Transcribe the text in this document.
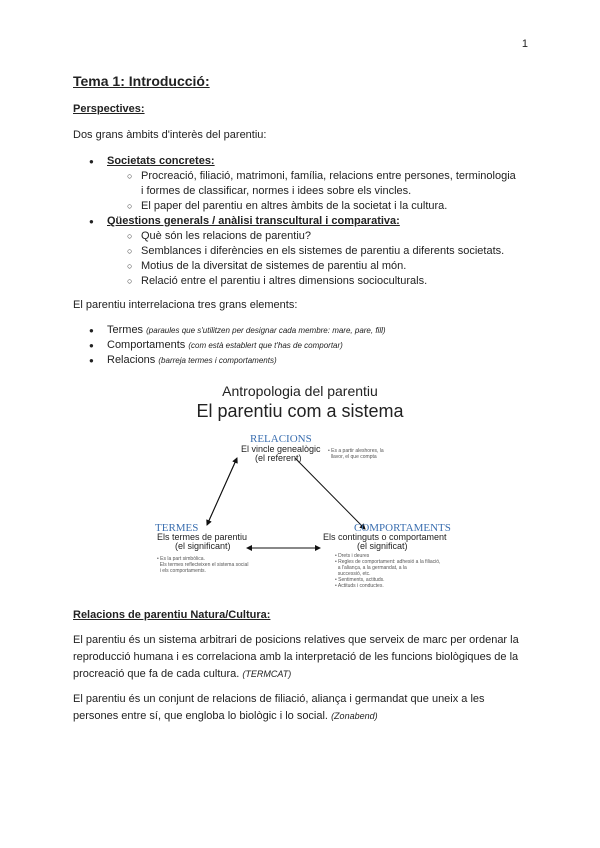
1
Tema 1: Introducció:
Perspectives:
Dos grans àmbits d'interès del parentiu:
● Societats concretes:
○ Procreació, filiació, matrimoni, família, relacions entre persones, terminologia
i formes de classificar, normes i idees sobre els vincles.
○ El paper del parentiu en altres àmbits de la societat i la cultura.
● Qüestions generals / anàlisi transcultural i comparativa:
○ Què són les relacions de parentiu?
○ Semblances i diferències en els sistemes de parentiu a diferents societats.
○ Motius de la diversitat de sistemes de parentiu al món.
○ Relació entre el parentiu i altres dimensions socioculturals.
El parentiu interrelaciona tres grans elements:
● Termes (paraules que s'utilitzen per designar cada membre: mare, pare, fill)
● Comportaments (com està establert que t'has de comportar)
● Relacions (barreja termes i comportaments)
Antropologia del parentiu
El parentiu com a sistema
RELACIONS
El vincle genealògic
(el referent)
• Es a partir aleshores, la
llavor, el que compta
TERMES
Els termes de parentiu
(el significant)
• Es la part simbòlica.
Els termes reflecteixen el sistema social
i els comportaments.
COMPORTAMENTS
Els continguts o comportament
(el significat)
• Drets i deures
• Regles de comportament: adhesió a la filiació,
a l'aliança, a la germandat, a la
successió, etc.
• Sentiments, actituds.
• Actituds i conductes.
Relacions de parentiu Natura/Cultura:
El parentiu és un sistema arbitrari de posicions relatives que serveix de marc per ordenar la
reproducció humana i es correlaciona amb la interpretació de les funcions biològiques de la
procreació que fa de cada cultura. (TERMCAT)
El parentiu és un conjunt de relacions de filiació, aliança i germandat que uneix a les
persones entre sí, que engloba lo biològic i lo social. (Zonabend)
